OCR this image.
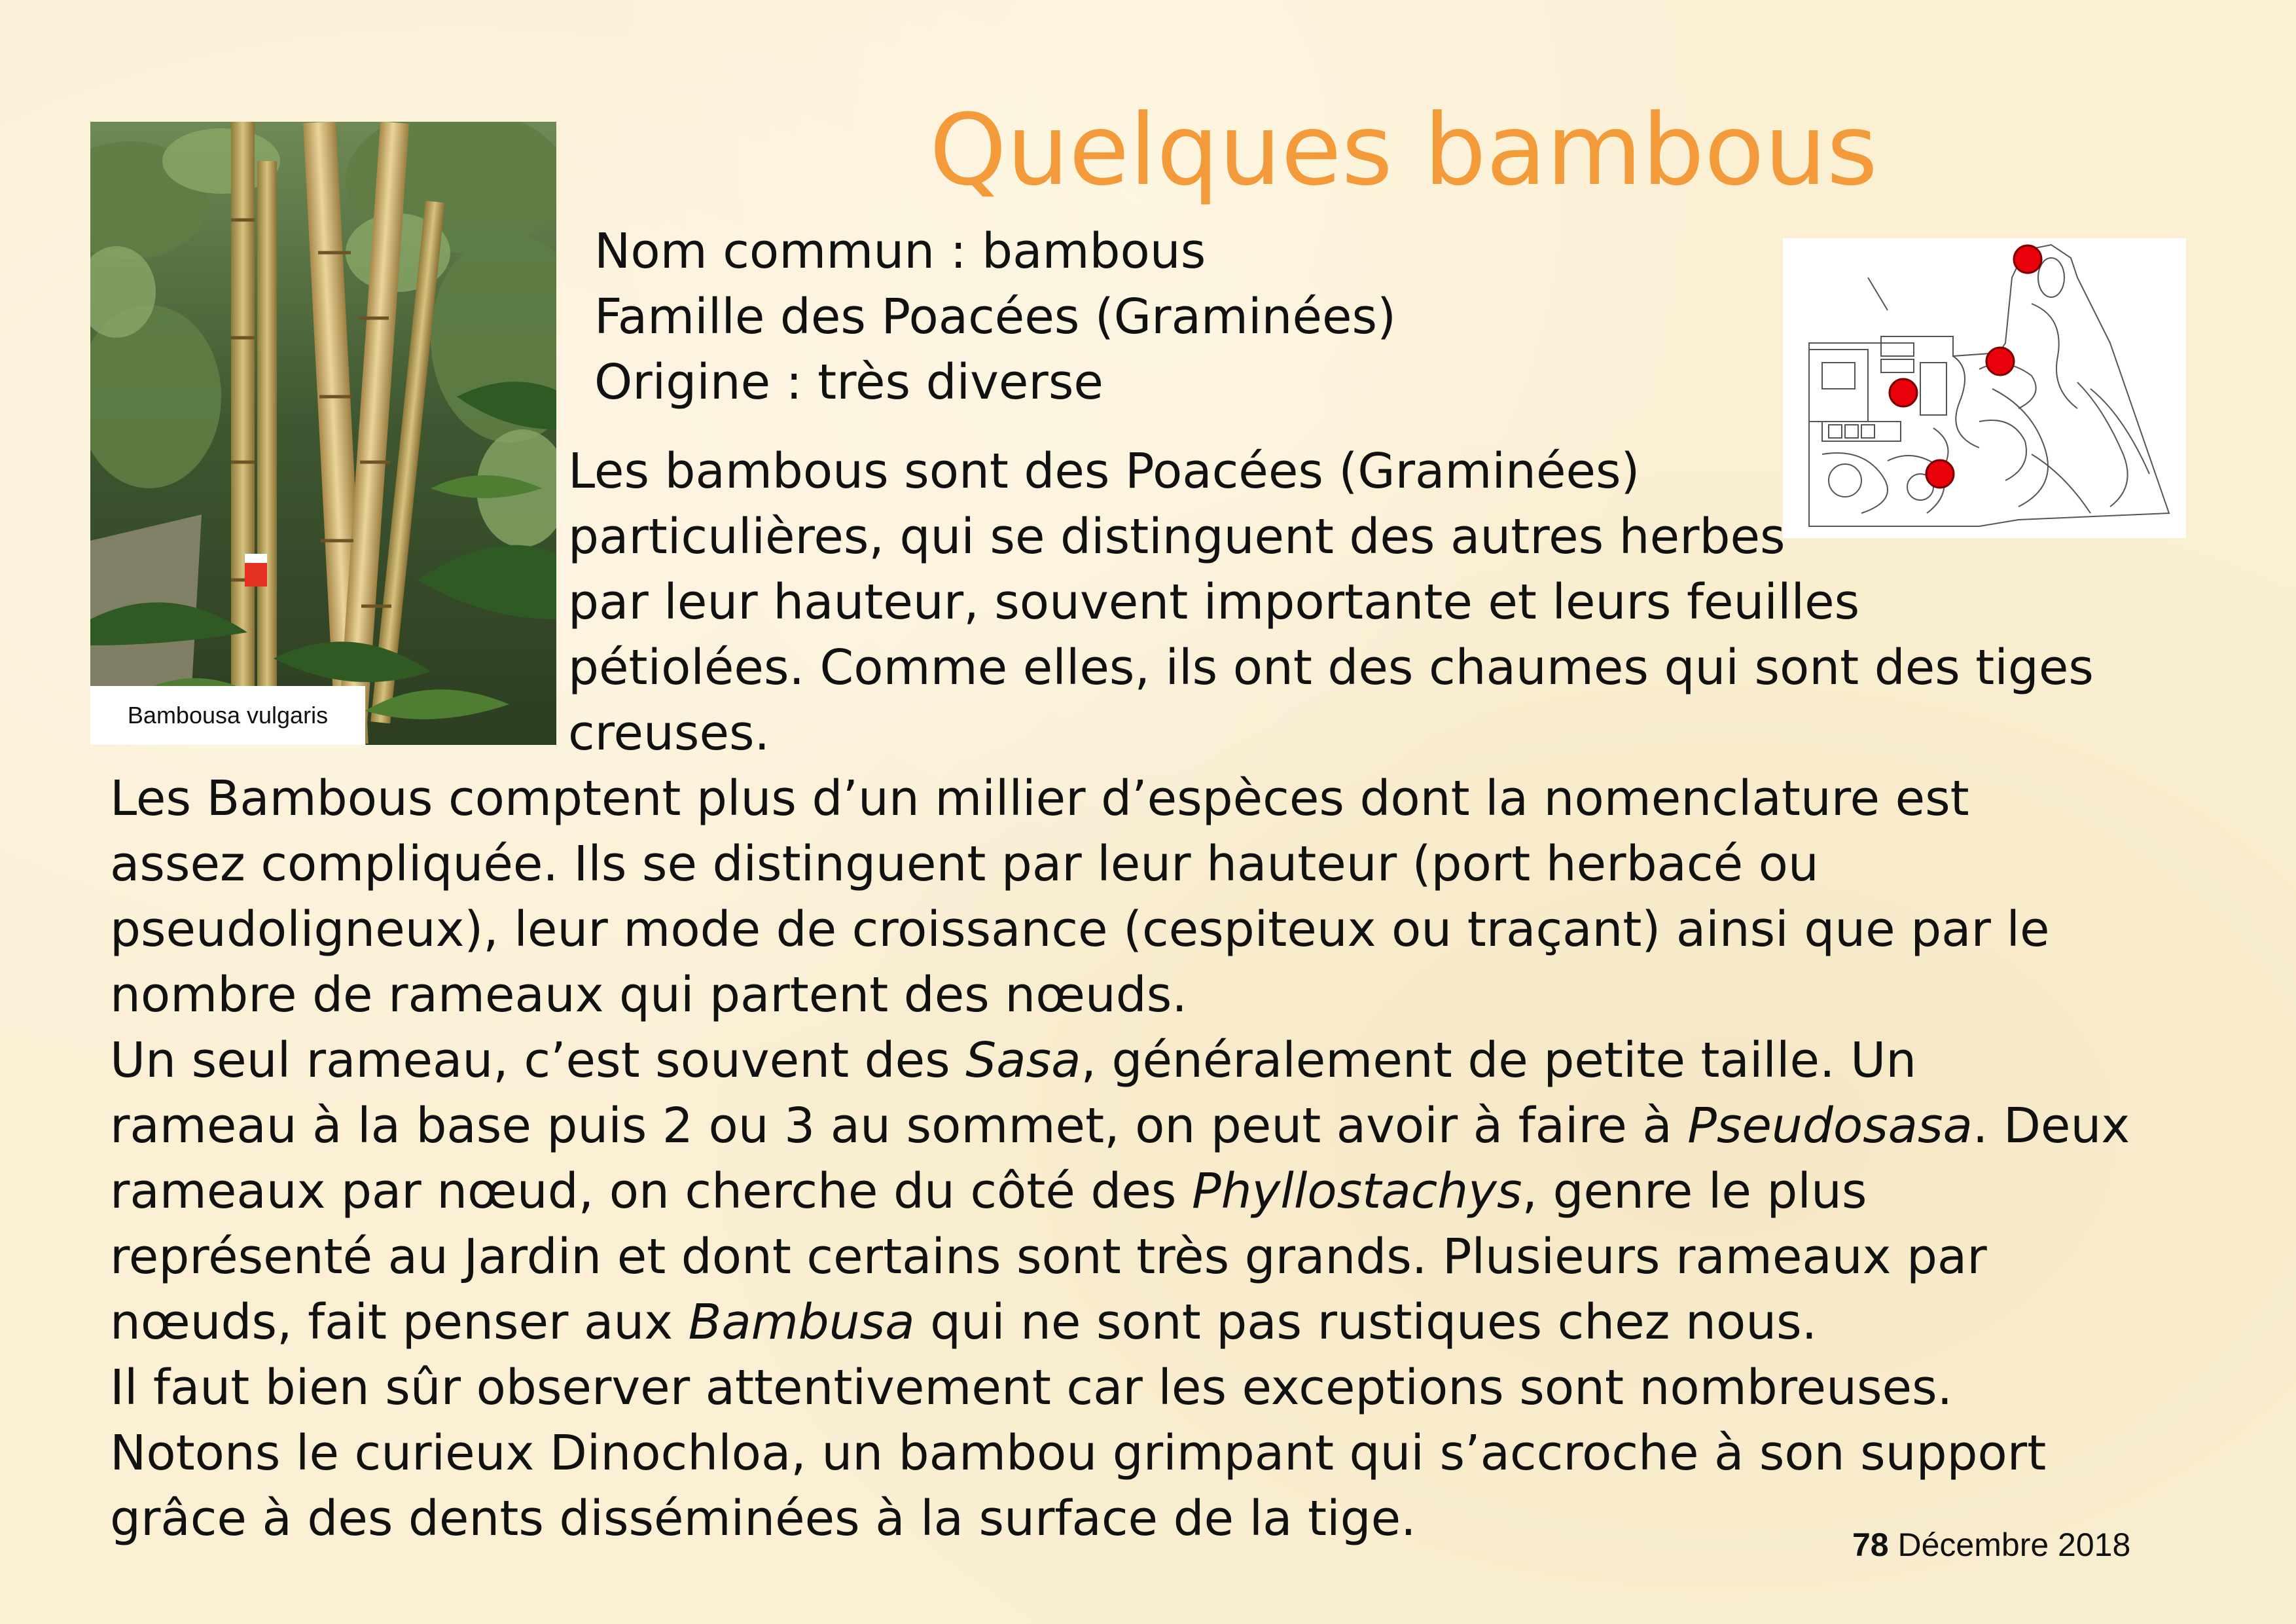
Bambousa vulgaris
Quelques bambous
Nom commun : bambous
Famille des Poacées (Graminées)
Origine : très diverse
Les bambous sont des Poacées (Graminées)
particulières, qui se distinguent des autres herbes
par leur hauteur, souvent importante et leurs feuilles
pétiolées. Comme elles, ils ont des chaumes qui sont des tiges
creuses.
Les Bambous comptent plus d’un millier d’espèces dont la nomenclature est
assez compliquée. Ils se distinguent par leur hauteur (port herbacé ou
pseudoligneux), leur mode de croissance (cespiteux ou traçant) ainsi que par le
nombre de rameaux qui partent des nœuds.
Un seul rameau, c’est souvent des Sasa, généralement de petite taille. Un
rameau à la base puis 2 ou 3 au sommet, on peut avoir à faire à Pseudosasa. Deux
rameaux par nœud, on cherche du côté des Phyllostachys, genre le plus
représenté au Jardin et dont certains sont très grands. Plusieurs rameaux par
nœuds, fait penser aux Bambusa qui ne sont pas rustiques chez nous.
Il faut bien sûr observer attentivement car les exceptions sont nombreuses.
Notons le curieux Dinochloa, un bambou grimpant qui s’accroche à son support
grâce à des dents disséminées à la surface de la tige.	78 Décembre 2018
